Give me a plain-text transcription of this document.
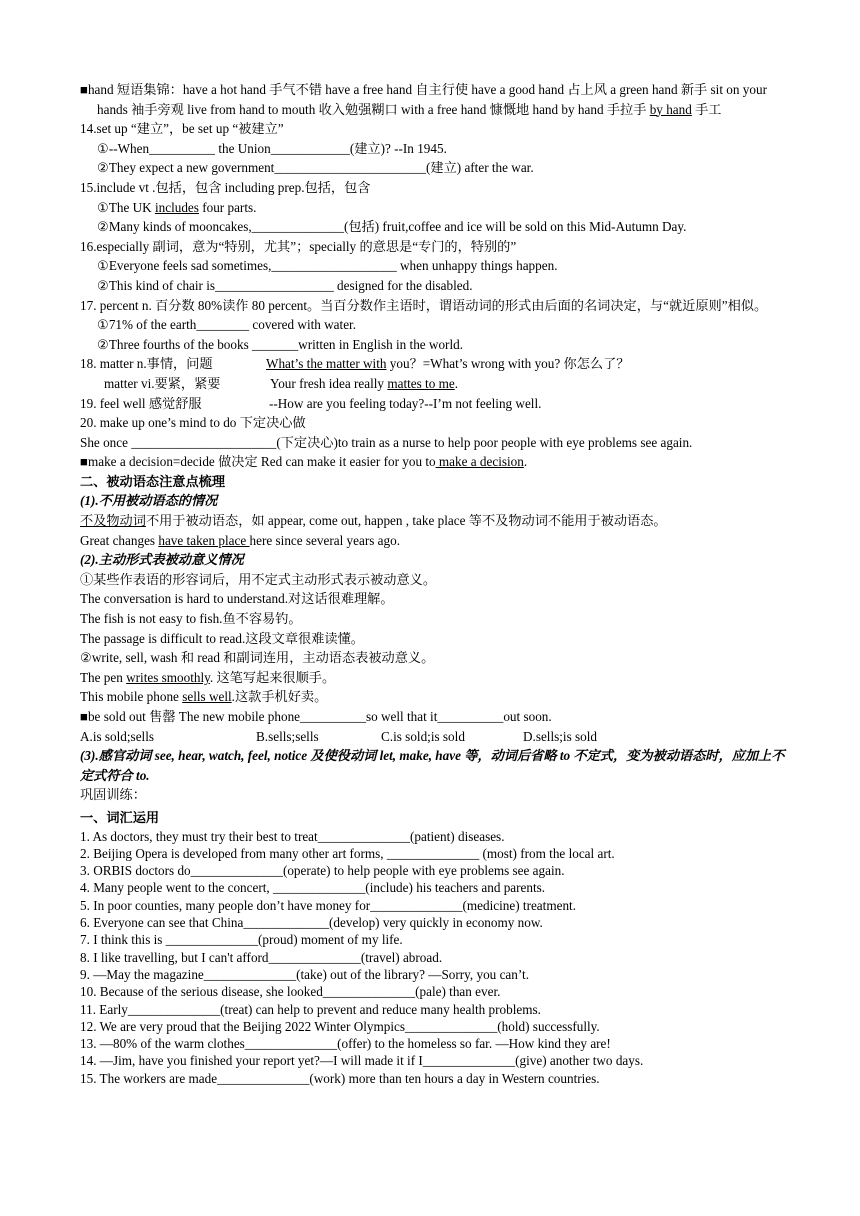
■hand 短语集锦：have a hot hand 手气不错 have a free hand 自主行使 have a good hand 占上风 a green hand 新手 sit on your hands 袖手旁观 live from hand to mouth 收入勉强糊口 with a free hand 慷慨地 hand by hand 手拉手 by hand 手工

14.set up “建立”，be set up “被建立”

①--When__________ the Union____________(建立)? --In 1945.

②They expect a new government_______________________(建立) after the war.

15.include vt .包括，包含 including prep.包括，包含

①The UK includes four parts.

②Many kinds of mooncakes,______________(包括) fruit,coffee and ice will be sold on this Mid-Autumn Day.

16.especially 副词，意为“特别，尤其”；specially 的意思是“专门的，特别的”

①Everyone feels sad sometimes,___________________ when unhappy things happen.

②This kind of chair is__________________ designed for the disabled.

17. percent n. 百分数 80%读作 80 percent。当百分数作主语时，谓语动词的形式由后面的名词决定，与“就近原则”相似。

①71% of the earth________ covered with water.

②Three fourths of the books _______written in English in the world.

18. matter n.事情，问题	What’s the matter with you？=What’s wrong with you? 你怎么了？

matter vi.要紧，紧要	Your fresh idea really mattes to me.

19. feel well 感觉舒服	--How are you feeling today?--I’m not feeling well.

20. make up one’s mind to do 下定决心做

She once ______________________(下定决心)to train as a nurse to help poor people with eye problems see again.

■make a decision=decide 做决定 Red can make it easier for you to make a decision.

二、被动语态注意点梳理

(1).不用被动语态的情况

不及物动词不用于被动语态，如 appear, come out, happen , take place 等不及物动词不能用于被动语态。

Great changes have taken place here since several years ago.

(2).主动形式表被动意义情况

①某些作表语的形容词后，用不定式主动形式表示被动意义。

The conversation is hard to understand.对这话很难理解。

The fish is not easy to fish.鱼不容易钓。

The passage is difficult to read.这段文章很难读懂。

②write, sell, wash 和 read 和副词连用，主动语态表被动意义。

The pen writes smoothly. 这笔写起来很顺手。

This mobile phone sells well.这款手机好卖。

■be sold out 售罄 The new mobile phone__________so well that it__________out soon.

A.is sold;sells	B.sells;sells	C.is sold;is sold	D.sells;is sold

(3).感官动词 see, hear, watch, feel, notice 及使役动词 let, make, have 等，动词后省略 to 不定式，变为被动语态时，应加上不定式符合 to.

巩固训练：

一、词汇运用

1. As doctors, they must try their best to treat______________(patient) diseases.

2. Beijing Opera is developed from many other art forms, ______________ (most) from the local art.

3. ORBIS doctors do______________(operate) to help people with eye problems see again.

4. Many people went to the concert, ______________(include) his teachers and parents.

5. In poor counties, many people don’t have money for______________(medicine) treatment.

6. Everyone can see that China_____________(develop) very quickly in economy now.

7. I think this is ______________(proud) moment of my life.

8. I like travelling, but I can't afford______________(travel) abroad.

9. —May the magazine______________(take) out of the library? —Sorry, you can’t.

10. Because of the serious disease, she looked______________(pale) than ever.

11. Early______________(treat) can help to prevent and reduce many health problems.

12. We are very proud that the Beijing 2022 Winter Olympics______________(hold) successfully.

13. —80% of the warm clothes______________(offer) to the homeless so far. —How kind they are!

14. —Jim, have you finished your report yet?—I will made it if I______________(give) another two days.

15. The workers are made______________(work) more than ten hours a day in Western countries.
